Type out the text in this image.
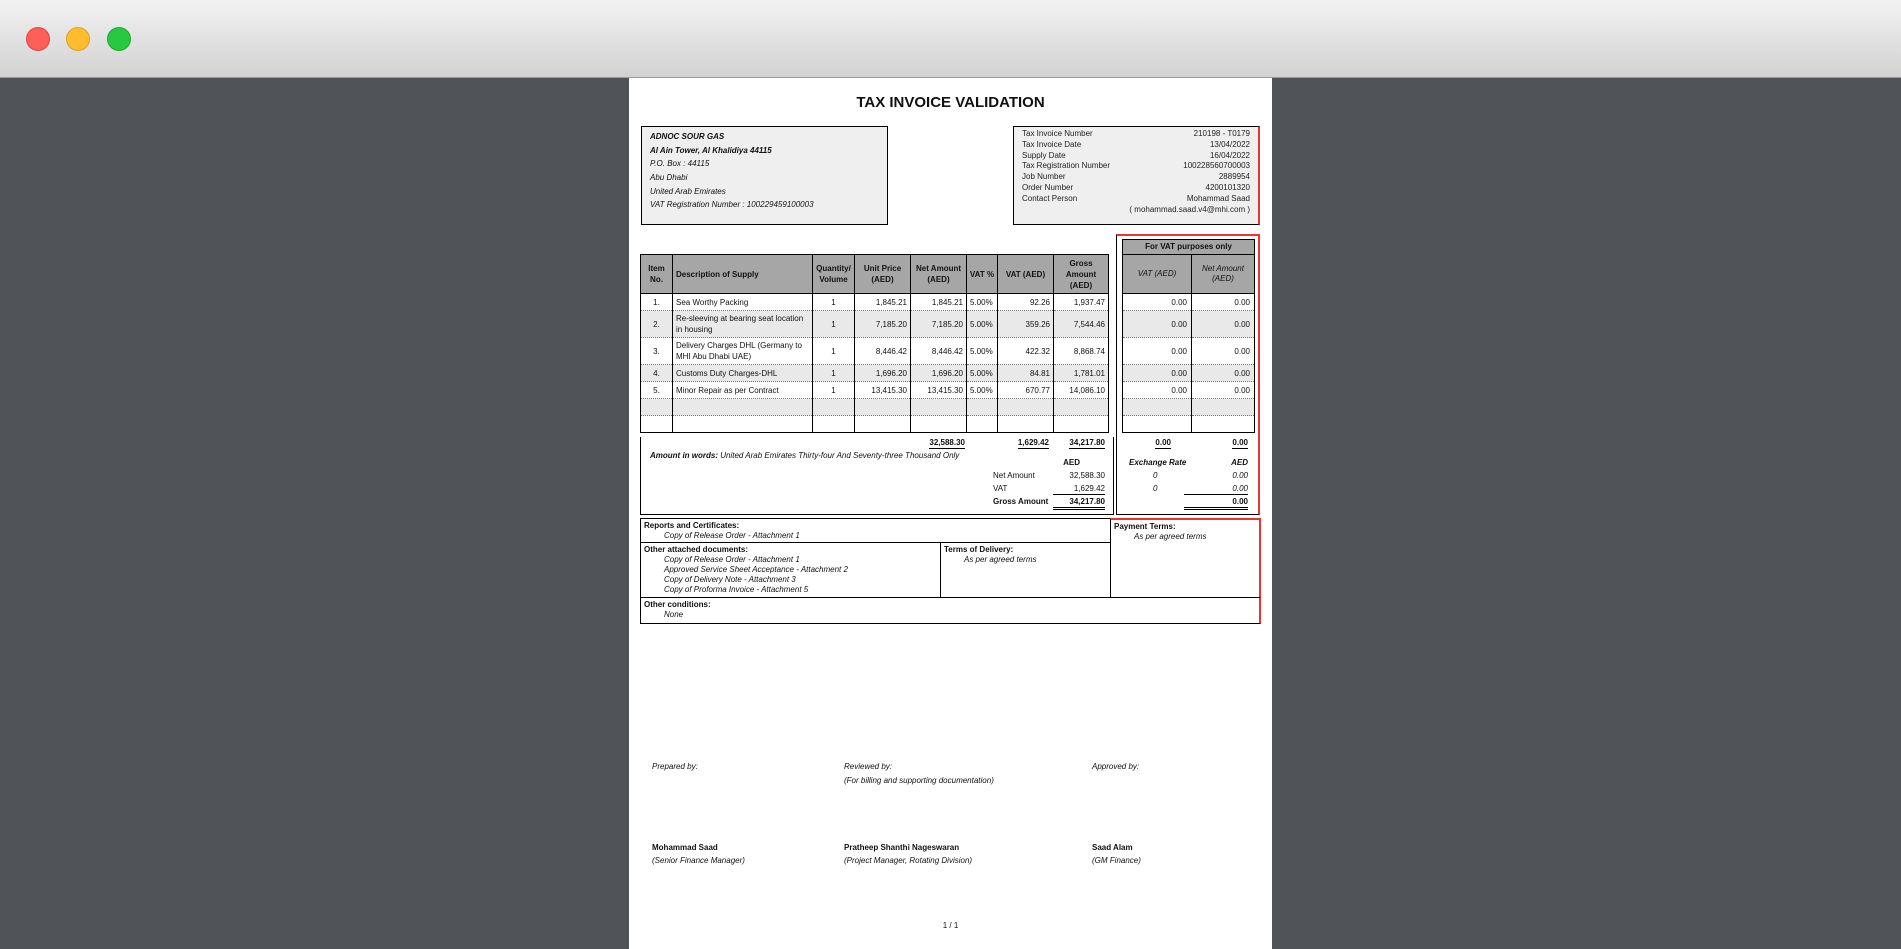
TAX INVOICE VALIDATION
ADNOC SOUR GAS
Al Ain Tower, Al Khalidiya 44115
P.O. Box : 44115
Abu Dhabi
United Arab Emirates
VAT Registration Number : 100229459100003
Tax Invoice Number	210198 - T0179
Tax Invoice Date	13/04/2022
Supply Date	16/04/2022
Tax Registration Number	100228560700003
Job Number	2889954
Order Number	4200101320
Contact Person	Mohammad Saad
( mohammad.saad.v4@mhi.com )
Item No.	Description of Supply	Quantity/ Volume	Unit Price (AED)	Net Amount (AED)	VAT %	VAT (AED)	Gross Amount (AED)
1.	Sea Worthy Packing	1	1,845.21	1,845.21	5.00%	92.26	1,937.47
2.	Re-sleeving at bearing seat location in housing	1	7,185.20	7,185.20	5.00%	359.26	7,544.46
3.	Delivery Charges DHL (Germany to MHI Abu Dhabi UAE)	1	8,446.42	8,446.42	5.00%	422.32	8,868.74
4.	Customs Duty Charges-DHL	1	1,696.20	1,696.20	5.00%	84.81	1,781.01
5.	Minor Repair as per Contract	1	13,415.30	13,415.30	5.00%	670.77	14,086.10

32,588.30	1,629.42	34,217.80
Amount in words: United Arab Emirates Thirty-four And Seventy-three Thousand Only
AED
Net Amount	32,588.30
VAT	1,629.42
Gross Amount	34,217.80
For VAT purposes only	
VAT (AED)	Net Amount (AED)
0.00	0.00
0.00	0.00
0.00	0.00
0.00	0.00
0.00	0.00

0.00	0.00
Exchange Rate	AED
0	0.00
0	0.00
0.00
Reports and Certificates:
Copy of Release Order - Attachment 1
Other attached documents:
Copy of Release Order - Attachment 1
Approved Service Sheet Acceptance - Attachment 2
Copy of Delivery Note - Attachment 3
Copy of Proforma Invoice - Attachment 5
Terms of Delivery:
As per agreed terms
Payment Terms:
As per agreed terms
Other conditions:
None
Prepared by:	Reviewed by:
(For billing and supporting documentation)
Approved by:
Mohammad Saad
(Senior Finance Manager)
Pratheep Shanthi Nageswaran
(Project Manager, Rotating Division)
Saad Alam
(GM Finance)
1 / 1
